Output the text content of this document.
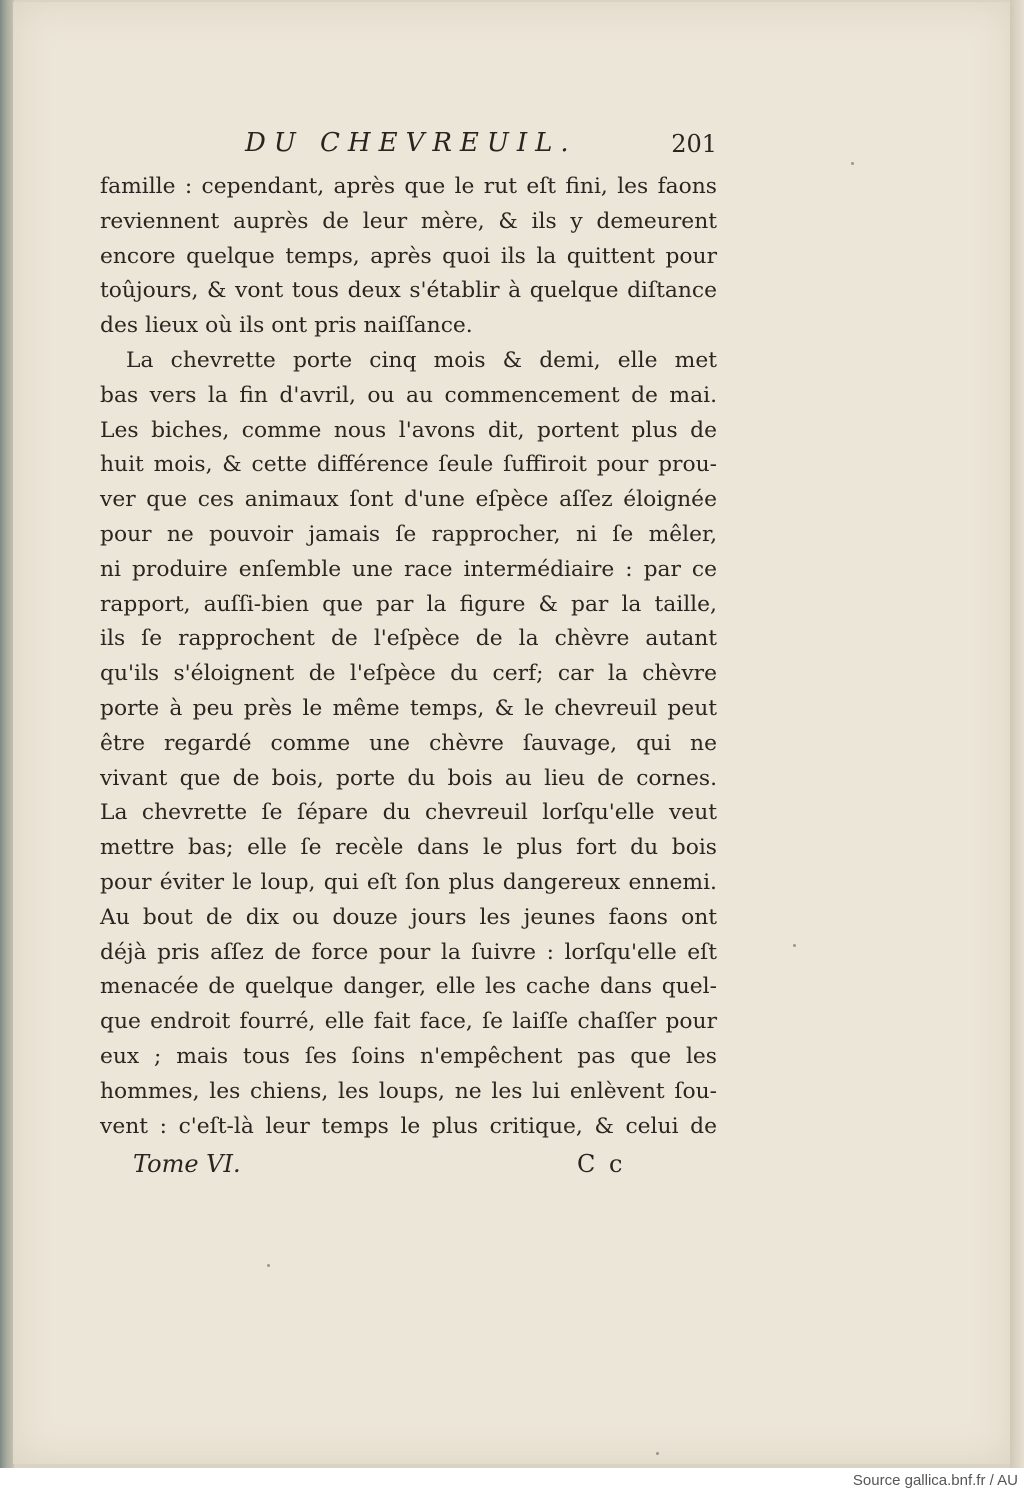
DU CHEVREUIL.	201
famille : cependant, après que le rut eſt fini, les faons
reviennent auprès de leur mère, & ils y demeurent
encore quelque temps, après quoi ils la quittent pour
toûjours, & vont tous deux s'établir à quelque diſtance
des lieux où ils ont pris naiſſance.
La chevrette porte cinq mois & demi, elle met
bas vers la fin d'avril, ou au commencement de mai.
Les biches, comme nous l'avons dit, portent plus de
huit mois, & cette différence ſeule ſuffiroit pour prou-
ver que ces animaux ſont d'une eſpèce aſſez éloignée
pour ne pouvoir jamais ſe rapprocher, ni ſe mêler,
ni produire enſemble une race intermédiaire : par ce
rapport, auſſi-bien que par la figure & par la taille,
ils ſe rapprochent de l'eſpèce de la chèvre autant
qu'ils s'éloignent de l'eſpèce du cerf; car la chèvre
porte à peu près le même temps, & le chevreuil peut
être regardé comme une chèvre ſauvage, qui ne
vivant que de bois, porte du bois au lieu de cornes.
La chevrette ſe ſépare du chevreuil lorſqu'elle veut
mettre bas; elle ſe recèle dans le plus fort du bois
pour éviter le loup, qui eſt ſon plus dangereux ennemi.
Au bout de dix ou douze jours les jeunes faons ont
déjà pris aſſez de force pour la ſuivre : lorſqu'elle eſt
menacée de quelque danger, elle les cache dans quel-
que endroit fourré, elle fait face, ſe laiſſe chaſſer pour
eux ; mais tous ſes ſoins n'empêchent pas que les
hommes, les chiens, les loups, ne les lui enlèvent ſou-
vent : c'eſt-là leur temps le plus critique, & celui de
Tome VI.	C c
Source gallica.bnf.fr / AU
